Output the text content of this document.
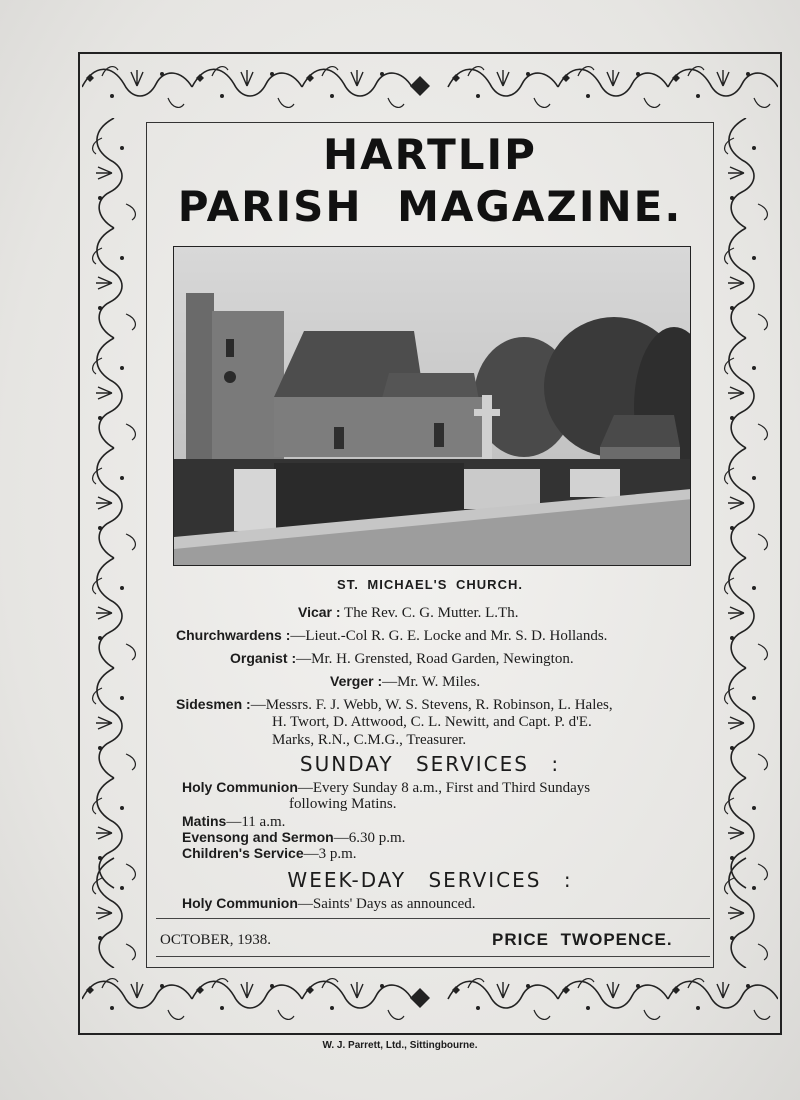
HARTLIP
PARISH MAGAZINE.
ST. MICHAEL'S CHURCH.
Vicar : The Rev. C. G. Mutter. L.Th.
Churchwardens :—Lieut.-Col R. G. E. Locke and Mr. S. D. Hollands.
Organist :—Mr. H. Grensted, Road Garden, Newington.
Verger :—Mr. W. Miles.
Sidesmen :—Messrs. F. J. Webb, W. S. Stevens, R. Robinson, L. Hales,
H. Twort, D. Attwood, C. L. Newitt, and Capt. P. d'E.
Marks, R.N., C.M.G., Treasurer.
SUNDAY SERVICES :
Holy Communion—Every Sunday 8 a.m., First and Third Sundays
following Matins.
Matins—11 a.m.
Evensong and Sermon—6.30 p.m.
Children's Service—3 p.m.
WEEK-DAY SERVICES :
Holy Communion—Saints' Days as announced.
OCTOBER, 1938.	PRICE TWOPENCE.
W. J. Parrett, Ltd., Sittingbourne.
